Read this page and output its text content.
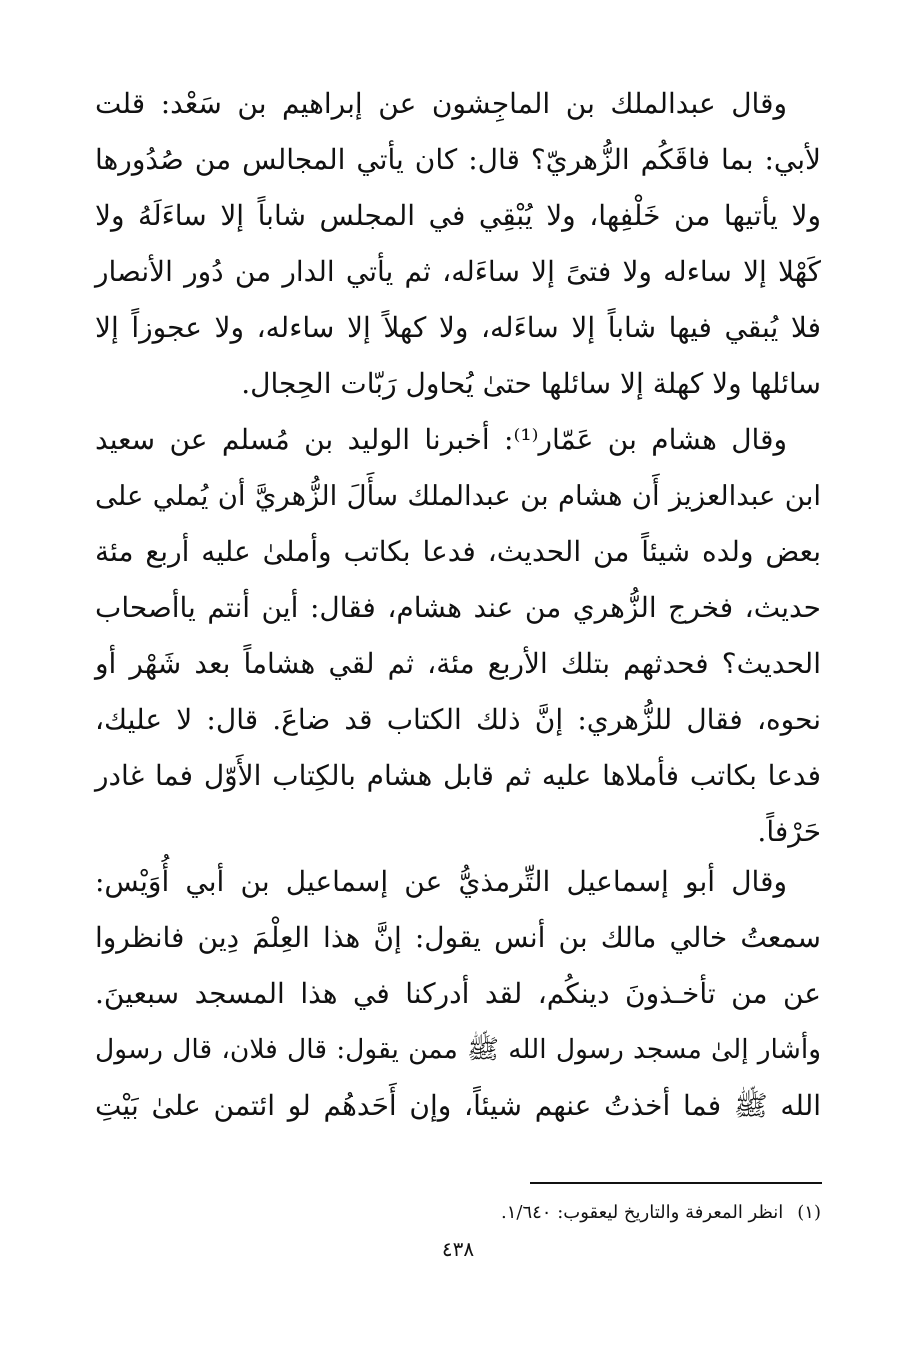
وقال عبدالملك بن الماجِشون عن إبراهيم بن سَعْد: قلت
لأبي: بما فاقَكُم الزُّهريّ؟ قال: كان يأتي المجالس من صُدُورها
ولا يأتيها من خَلْفِها، ولا يُبْقِي في المجلس شاباً إلا ساءَلَهُ ولا
كَهْلا إلا ساءله ولا فتىً إلا ساءَله، ثم يأتي الدار من دُور الأنصار
فلا يُبقي فيها شاباً إلا ساءَله، ولا كهلاً إلا ساءله، ولا عجوزاً إلا
سائلها ولا كهلة إلا سائلها حتىٰ يُحاول رَبّات الحِجال.
وقال هشام بن عَمّار⁽¹⁾: أخبرنا الوليد بن مُسلم عن سعيد
ابن عبدالعزيز أَن هشام بن عبدالملك سأَلَ الزُّهريَّ أن يُملي على
بعض ولده شيئاً من الحديث، فدعا بكاتب وأملىٰ عليه أربع مئة
حديث، فخرج الزُّهري من عند هشام، فقال: أين أنتم ياأصحاب
الحديث؟ فحدثهم بتلك الأربع مئة، ثم لقي هشاماً بعد شَهْر أو
نحوه، فقال للزُّهري: إنَّ ذلك الكتاب قد ضاعَ. قال: لا عليك،
فدعا بكاتب فأملاها عليه ثم قابل هشام بالكِتاب الأَوّل فما غادر
حَرْفاً.
وقال أبو إسماعيل التِّرمذيُّ عن إسماعيل بن أبي أُوَيْس:
سمعتُ خالي مالك بن أنس يقول: إنَّ هذا العِلْمَ دِين فانظروا
عن من تأخـذونَ دينكُم، لقد أدركنا في هذا المسجد سبعينَ.
وأشار إلىٰ مسجد رسول الله ﷺ ممن يقول: قال فلان، قال رسول
الله ﷺ فما أخذتُ عنهم شيئاً، وإن أَحَدهُم لو ائتمن علىٰ بَيْتِ
(١)انظر المعرفة والتاريخ ليعقوب: ١/٦٤٠.
٤٣٨
